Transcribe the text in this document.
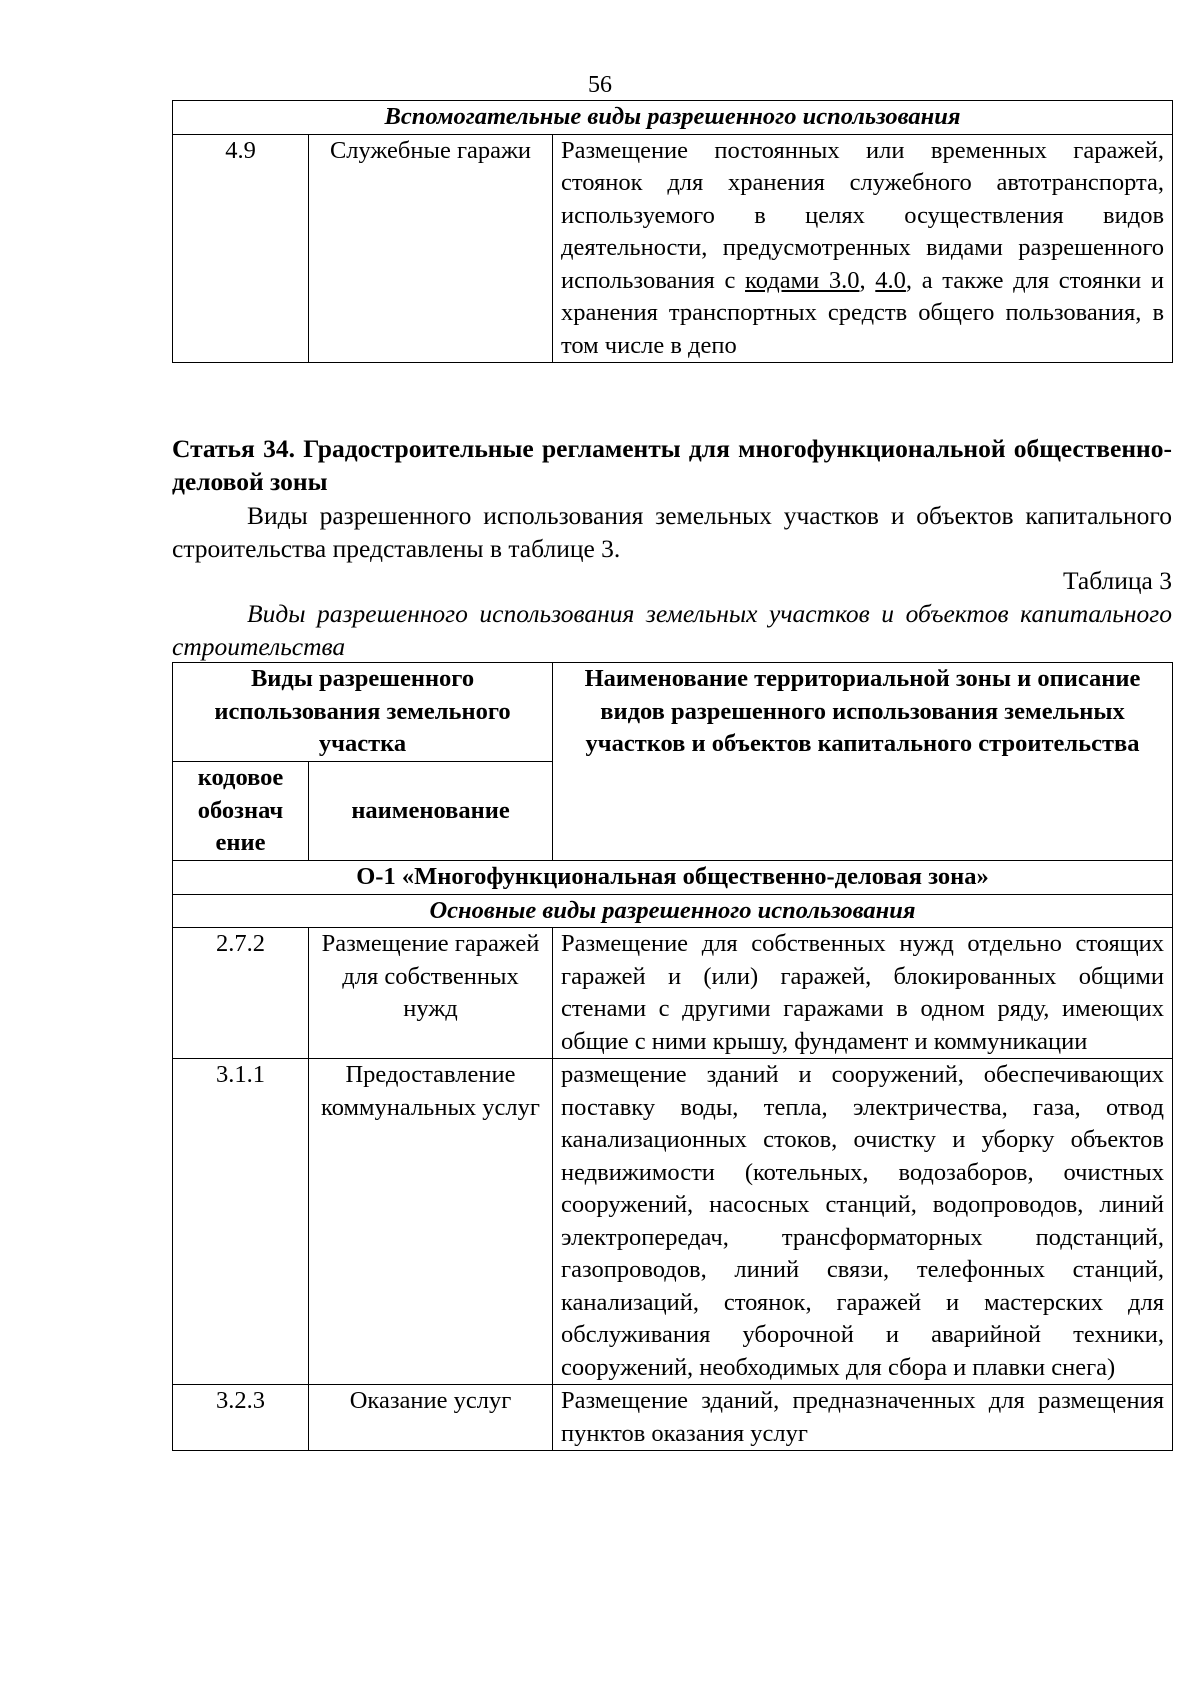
56
Вспомогательные виды разрешенного использования
4.9	Служебные гаражи	Размещение постоянных или временных гаражей, стоянок для хранения служебного автотранспорта, используемого в целях осуществления видов деятельности, предусмотренных видами разрешенного использования с кодами 3.0, 4.0, а также для стоянки и хранения транспортных средств общего пользования, в том числе в депо
Статья 34. Градостроительные регламенты для многофункциональной общественно-деловой зоны
Виды разрешенного использования земельных участков и объектов капитального строительства представлены в таблице 3.
Таблица 3
Виды разрешенного использования земельных участков и объектов капитального строительства
Виды разрешенного использования земельного участка		Наименование территориальной зоны и описание видов разрешенного использования земельных участков и объектов капитального строительства
кодовое обознач ение	наименование	
О-1 «Многофункциональная общественно-деловая зона»		
Основные виды разрешенного использования		
2.7.2	Размещение гаражей для собственных нужд	Размещение для собственных нужд отдельно стоящих гаражей и (или) гаражей, блокированных общими стенами с другими гаражами в одном ряду, имеющих общие с ними крышу, фундамент и коммуникации
3.1.1	Предоставление коммунальных услуг	размещение зданий и сооружений, обеспечивающих поставку воды, тепла, электричества, газа, отвод канализационных стоков, очистку и уборку объектов недвижимости (котельных, водозаборов, очистных сооружений, насосных станций, водопроводов, линий электропередач, трансформаторных подстанций, газопроводов, линий связи, телефонных станций, канализаций, стоянок, гаражей и мастерских для обслуживания уборочной и аварийной техники, сооружений, необходимых для сбора и плавки снега)
3.2.3	Оказание услуг	Размещение зданий, предназначенных для размещения пунктов оказания услуг
